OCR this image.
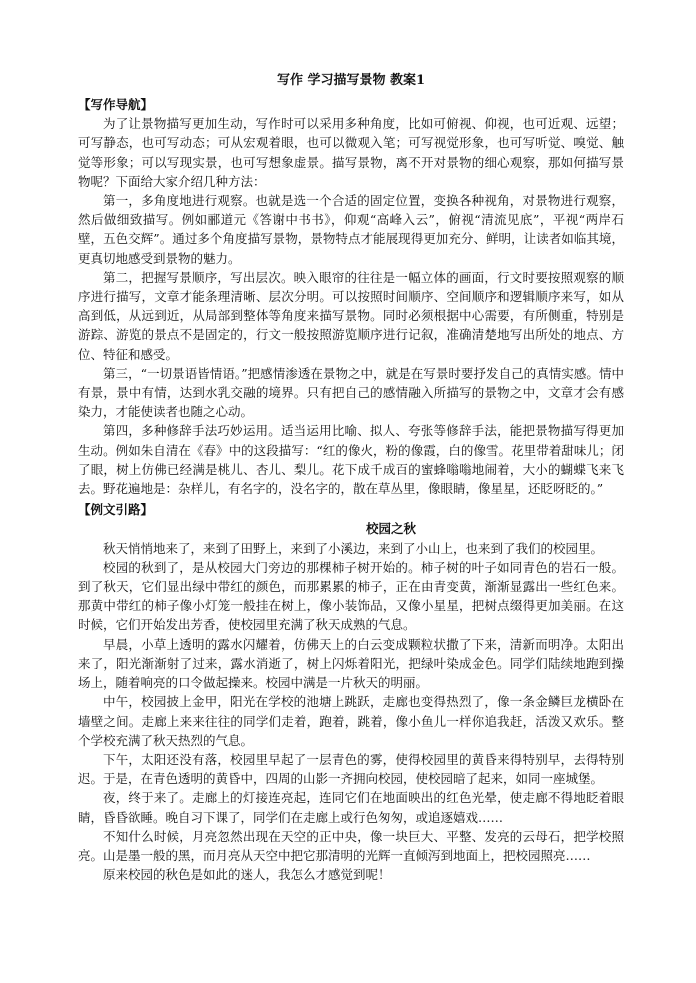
写作 学习描写景物 教案1
【写作导航】

为了让景物描写更加生动，写作时可以采用多种角度，比如可俯视、仰视，也可近观、远望；可写静态，也可写动态；可从宏观着眼，也可以微观入笔；可写视觉形象，也可写听觉、嗅觉、触觉等形象；可以写现实景，也可写想象虚景。描写景物，离不开对景物的细心观察，那如何描写景物呢？下面给大家介绍几种方法：

第一，多角度地进行观察。也就是选一个合适的固定位置，变换各种视角，对景物进行观察，然后做细致描写。例如郦道元《答谢中书书》，仰观“高峰入云”，俯视“清流见底”，平视“两岸石壁，五色交辉”。通过多个角度描写景物，景物特点才能展现得更加充分、鲜明，让读者如临其境，更真切地感受到景物的魅力。

第二，把握写景顺序，写出层次。映入眼帘的往往是一幅立体的画面，行文时要按照观察的顺序进行描写，文章才能条理清晰、层次分明。可以按照时间顺序、空间顺序和逻辑顺序来写，如从高到低，从远到近，从局部到整体等角度来描写景物。同时必须根据中心需要，有所侧重，特别是游踪、游览的景点不是固定的，行文一般按照游览顺序进行记叙，准确清楚地写出所处的地点、方位、特征和感受。

第三，“一切景语皆情语。”把感情渗透在景物之中，就是在写景时要抒发自己的真情实感。情中有景，景中有情，达到水乳交融的境界。只有把自己的感情融入所描写的景物之中，文章才会有感染力，才能使读者也随之心动。

第四，多种修辞手法巧妙运用。适当运用比喻、拟人、夸张等修辞手法，能把景物描写得更加生动。例如朱自清在《春》中的这段描写：“红的像火，粉的像霞，白的像雪。花里带着甜味儿；闭了眼，树上仿佛已经满是桃儿、杏儿、梨儿。花下成千成百的蜜蜂嗡嗡地闹着，大小的蝴蝶飞来飞去。野花遍地是：杂样儿，有名字的，没名字的，散在草丛里，像眼睛，像星星，还眨呀眨的。”

【例文引路】
校园之秋

秋天悄悄地来了，来到了田野上，来到了小溪边，来到了小山上，也来到了我们的校园里。

校园的秋到了，是从校园大门旁边的那棵柿子树开始的。柿子树的叶子如同青色的岩石一般。到了秋天，它们显出绿中带红的颜色，而那累累的柿子，正在由青变黄，渐渐显露出一些红色来。那黄中带红的柿子像小灯笼一般挂在树上，像小装饰品，又像小星星，把树点缀得更加美丽。在这时候，它们开始发出芳香，使校园里充满了秋天成熟的气息。

早晨，小草上透明的露水闪耀着，仿佛天上的白云变成颗粒状撒了下来，清新而明净。太阳出来了，阳光渐渐射了过来，露水消逝了，树上闪烁着阳光，把绿叶染成金色。同学们陆续地跑到操场上，随着响亮的口令做起操来。校园中满是一片秋天的明丽。

中午，校园披上金甲，阳光在学校的池塘上跳跃，走廊也变得热烈了，像一条金鳞巨龙横卧在墙壁之间。走廊上来来往往的同学们走着，跑着，跳着，像小鱼儿一样你追我赶，活泼又欢乐。整个学校充满了秋天热烈的气息。

下午，太阳还没有落，校园里早起了一层青色的雾，使得校园里的黄昏来得特别早，去得特别迟。于是，在青色透明的黄昏中，四周的山影一齐拥向校园，使校园暗了起来，如同一座城堡。

夜，终于来了。走廊上的灯接连亮起，连同它们在地面映出的红色光晕，使走廊不得地眨着眼睛，昏昏欲睡。晚自习下课了，同学们在走廊上或行色匆匆，或追逐嬉戏……

不知什么时候，月亮忽然出现在天空的正中央，像一块巨大、平整、发亮的云母石，把学校照亮。山是墨一般的黑，而月亮从天空中把它那清明的光辉一直倾泻到地面上，把校园照亮……

原来校园的秋色是如此的迷人，我怎么才感觉到呢！
